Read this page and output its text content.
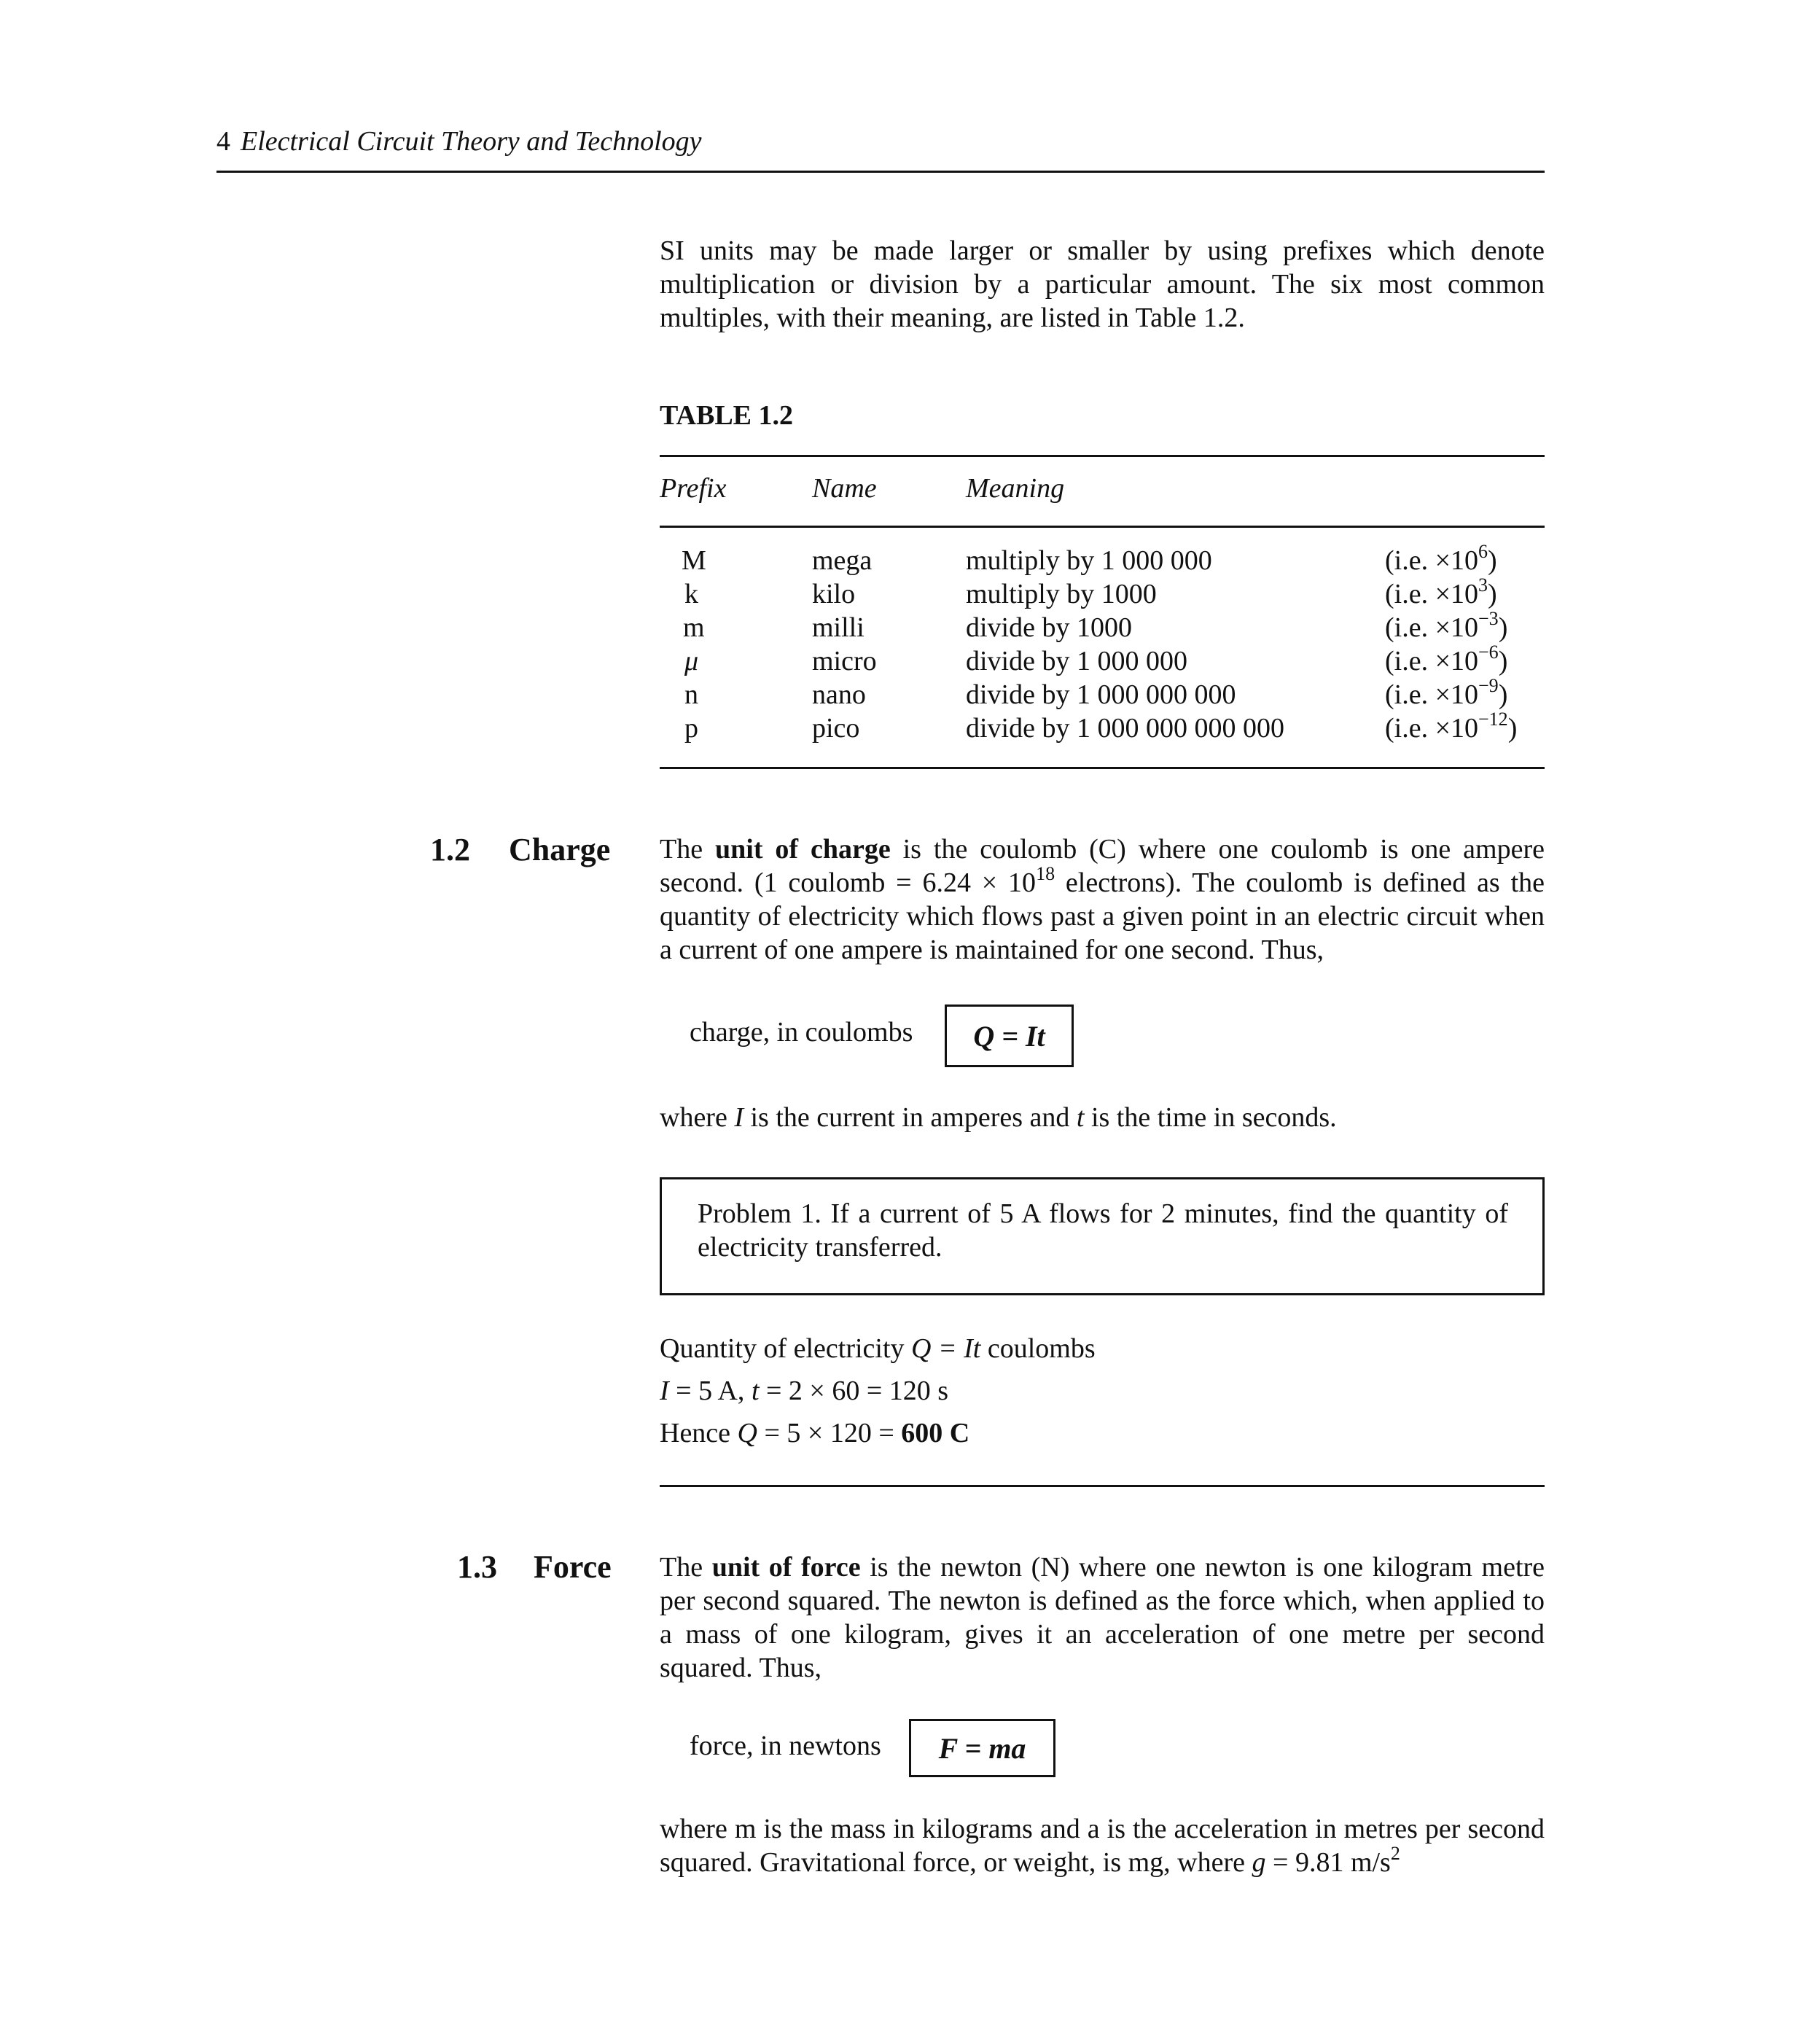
4 Electrical Circuit Theory and Technology
SI units may be made larger or smaller by using prefixes which denote multiplication or division by a particular amount. The six most common multiples, with their meaning, are listed in Table 1.2.
TABLE 1.2
Prefix	Name	Meaning
M	mega	multiply by 1 000 000	(i.e. $\times 10^6$)
k	kilo	multiply by 1000	(i.e. $\times 10^3$)
m	milli	divide by 1000	(i.e. $\times 10^{-3}$)
μ	micro	divide by 1 000 000	(i.e. $\times 10^{-6}$)
n	nano	divide by 1 000 000 000	(i.e. $\times 10^{-9}$)
p	pico	divide by 1 000 000 000 000	(i.e. $\times 10^{-12}$)
1.2 Charge The unit of charge is the coulomb (C) where one coulomb is one ampere second. (1 coulomb = $6.24 \times 10^{18}$ electrons). The coulomb is defined as the quantity of electricity which flows past a given point in an electric circuit when a current of one ampere is maintained for one second. Thus,
charge, in coulombs	Q = It
where I is the current in amperes and t is the time in seconds.
Problem 1. If a current of 5 A flows for 2 minutes, find the quantity of electricity transferred.
Quantity of electricity Q = It coulombs
I = 5 A, t = 2 × 60 = 120 s
Hence Q = 5 × 120 = 600 C
1.3 Force The unit of force is the newton (N) where one newton is one kilogram metre per second squared. The newton is defined as the force which, when applied to a mass of one kilogram, gives it an acceleration of one metre per second squared. Thus,
force, in newtons	F = ma
where m is the mass in kilograms and a is the acceleration in metres per second squared. Gravitational force, or weight, is mg, where g = 9.81 $m/s^2$
